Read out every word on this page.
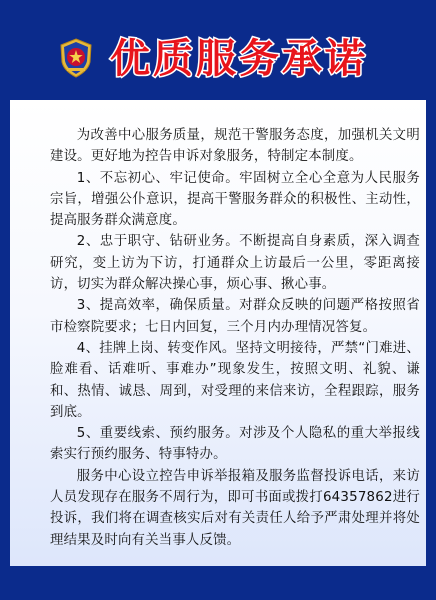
优质服务承诺

为改善中心服务质量，规范干警服务态度，加强机关文明建设。更好地为控告申诉对象服务，特制定本制度。

1、不忘初心、牢记使命。牢固树立全心全意为人民服务宗旨，增强公仆意识，提高干警服务群众的积极性、主动性，提高服务群众满意度。

2、忠于职守、钻研业务。不断提高自身素质，深入调查研究，变上访为下访，打通群众上访最后一公里，零距离接访，切实为群众解决操心事，烦心事、揪心事。

3、提高效率，确保质量。对群众反映的问题严格按照省市检察院要求；七日内回复，三个月内办理情况答复。

4、挂牌上岗、转变作风。坚持文明接待，严禁“门难进、脸难看、话难听、事难办”现象发生，按照文明、礼貌、谦和、热情、诚恳、周到，对受理的来信来访，全程跟踪，服务到底。

5、重要线索、预约服务。对涉及个人隐私的重大举报线索实行预约服务、特事特办。

服务中心设立控告申诉举报箱及服务监督投诉电话，来访人员发现存在服务不周行为，即可书面或拨打64357862进行投诉，我们将在调查核实后对有关责任人给予严肃处理并将处理结果及时向有关当事人反馈。
